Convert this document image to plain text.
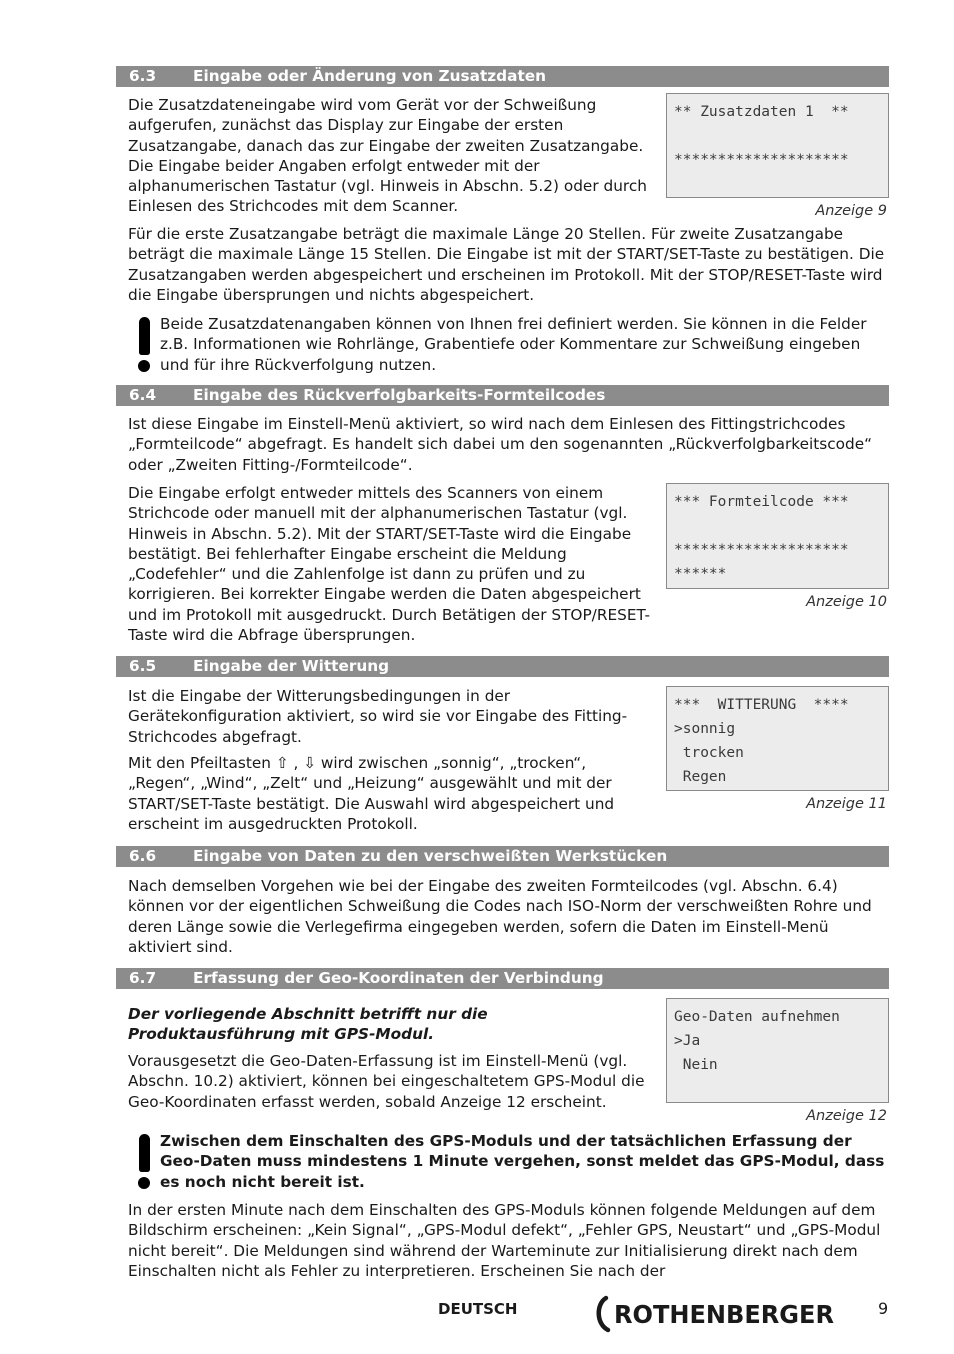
6.3 Eingabe oder Änderung von Zusatzdaten

Die Zusatzdateneingabe wird vom Gerät vor der Schweißung aufgerufen, zunächst das Display zur Eingabe der ersten Zusatzangabe, danach das zur Eingabe der zweiten Zusatzangabe. Die Eingabe beider Angaben erfolgt entweder mit der alphanumerischen Tastatur (vgl. Hinweis in Abschn. 5.2) oder durch Einlesen des Strichcodes mit dem Scanner.

** Zusatzdaten 1  **

********************
Anzeige 9

Für die erste Zusatzangabe beträgt die maximale Länge 20 Stellen. Für zweite Zusatzangabe beträgt die maximale Länge 15 Stellen. Die Eingabe ist mit der START/SET-Taste zu bestätigen. Die Zusatzangaben werden abgespeichert und erscheinen im Protokoll. Mit der STOP/RESET-Taste wird die Eingabe übersprungen und nichts abgespeichert.

Beide Zusatzdatenangaben können von Ihnen frei definiert werden. Sie können in die Felder z.B. Informationen wie Rohrlänge, Grabentiefe oder Kommentare zur Schweißung eingeben und für ihre Rückverfolgung nutzen.

6.4 Eingabe des Rückverfolgbarkeits-Formteilcodes

Ist diese Eingabe im Einstell-Menü aktiviert, so wird nach dem Einlesen des Fittingstrichcodes „Formteilcode“ abgefragt. Es handelt sich dabei um den sogenannten „Rückverfolgbarkeitscode“ oder „Zweiten Fitting-/Formteilcode“.

Die Eingabe erfolgt entweder mittels des Scanners von einem Strichcode oder manuell mit der alphanumerischen Tastatur (vgl. Hinweis in Abschn. 5.2). Mit der START/SET-Taste wird die Eingabe bestätigt. Bei fehlerhafter Eingabe erscheint die Meldung „Codefehler“ und die Zahlenfolge ist dann zu prüfen und zu korrigieren. Bei korrekter Eingabe werden die Daten abgespeichert und im Protokoll mit ausgedruckt. Durch Betätigen der STOP/RESET-Taste wird die Abfrage übersprungen.

*** Formteilcode ***

********************
******
Anzeige 10
6.5 Eingabe der Witterung

Ist die Eingabe der Witterungsbedingungen in der Gerätekonfiguration aktiviert, so wird sie vor Eingabe des Fitting-Strichcodes abgefragt.

Mit den Pfeiltasten ⇧ , ⇩ wird zwischen „sonnig“, „trocken“, „Regen“, „Wind“, „Zelt“ und „Heizung“ ausgewählt und mit der START/SET-Taste bestätigt. Die Auswahl wird abgespeichert und erscheint im ausgedruckten Protokoll.

***  WITTERUNG  ****
>sonnig
trocken
Regen
Anzeige 11
6.6 Eingabe von Daten zu den verschweißten Werkstücken

Nach demselben Vorgehen wie bei der Eingabe des zweiten Formteilcodes (vgl. Abschn. 6.4) können vor der eigentlichen Schweißung die Codes nach ISO-Norm der verschweißten Rohre und deren Länge sowie die Verlegefirma eingegeben werden, sofern die Daten im Einstell-Menü aktiviert sind.

6.7 Erfassung der Geo-Koordinaten der Verbindung

Der vorliegende Abschnitt betrifft nur die Produktausführung mit GPS-Modul.

Vorausgesetzt die Geo-Daten-Erfassung ist im Einstell-Menü (vgl. Abschn. 10.2) aktiviert, können bei eingeschaltetem GPS-Modul die Geo-Koordinaten erfasst werden, sobald Anzeige 12 erscheint.

Geo-Daten aufnehmen
>Ja
Nein
Anzeige 12

Zwischen dem Einschalten des GPS-Moduls und der tatsächlichen Erfassung der Geo-Daten muss mindestens 1 Minute vergehen, sonst meldet das GPS-Modul, dass es noch nicht bereit ist.

In der ersten Minute nach dem Einschalten des GPS-Moduls können folgende Meldungen auf dem Bildschirm erscheinen: „Kein Signal“, „GPS-Modul defekt“, „Fehler GPS, Neustart“ und „GPS-Modul nicht bereit“. Die Meldungen sind während der Warteminute zur Initialisierung direkt nach dem Einschalten nicht als Fehler zu interpretieren. Erscheinen Sie nach der

DEUTSCH	ROTHENBERGER	9
